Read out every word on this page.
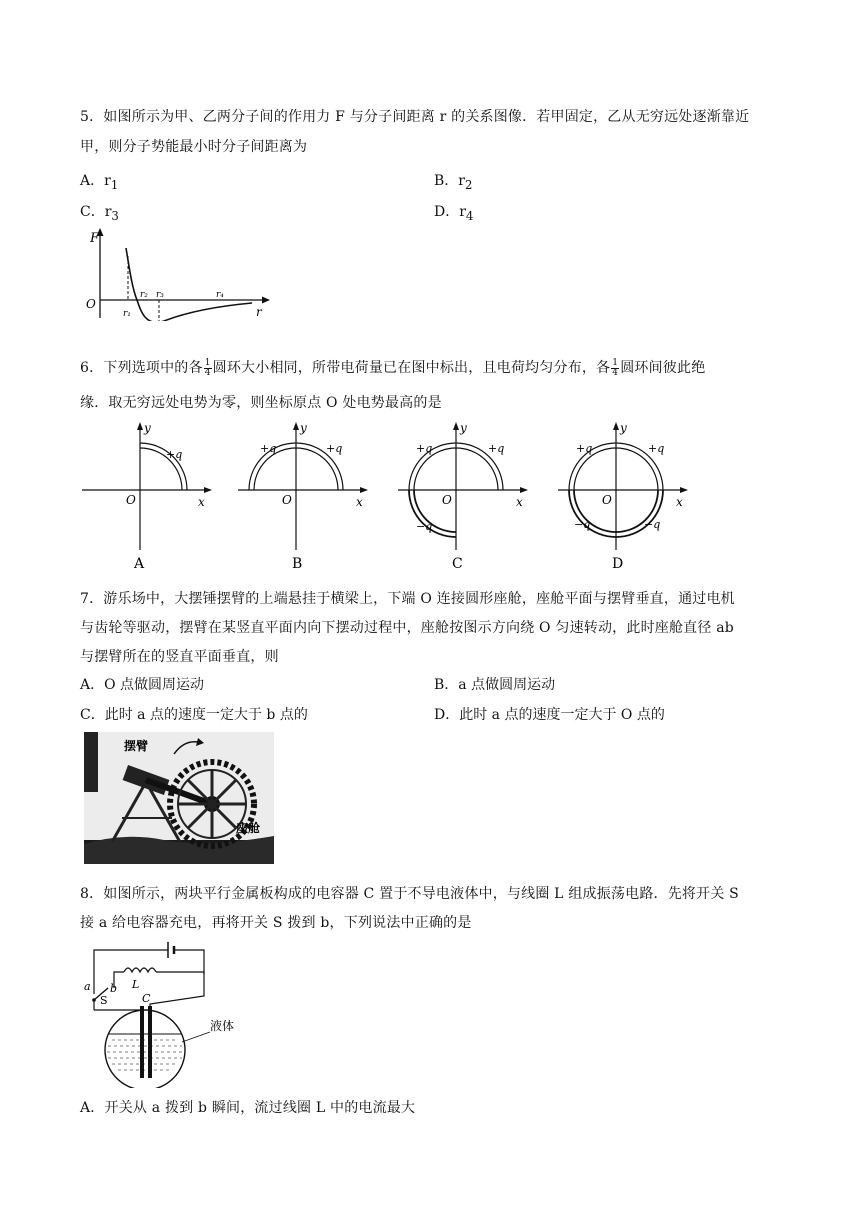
5．如图所示为甲、乙两分子间的作用力 F 与分子间距离 r 的关系图像．若甲固定，乙从无穷远处逐渐靠近
甲，则分子势能最小时分子间距离为
A．$r_1$	B．$r_2$
C．$r_3$	D．$r_4$
F
O
r
r₁
r₂ r₃	r₄
6．下列选项中的各 $\frac{1}{4}$ 圆环大小相同，所带电荷量已在图中标出，且电荷均匀分布，各 $\frac{1}{4}$ 圆环间彼此绝
缘．取无穷远处电势为零，则坐标原点 O 处电势最高的是
y
x
O
+q
A
y
x
O
+q	+q
B
y
x
O
+q	+q
−q
C
y
x
O
+q	+q
−q	−q
D
7．游乐场中，大摆锤摆臂的上端悬挂于横梁上，下端 O 连接圆形座舱，座舱平面与摆臂垂直，通过电机
与齿轮等驱动，摆臂在某竖直平面内向下摆动过程中，座舱按图示方向绕 O 匀速转动，此时座舱直径 ab
与摆臂所在的竖直平面垂直，则
A．O 点做圆周运动	B．a 点做圆周运动
C．此时 a 点的速度一定大于 b 点的	D．此时 a 点的速度一定大于 O 点的
摆臂
座舱
8．如图所示，两块平行金属板构成的电容器 C 置于不导电液体中，与线圈 L 组成振荡电路．先将开关 S
接 a 给电容器充电，再将开关 S 拨到 b，下列说法中正确的是
a b
S
L
C
液体
A．开关从 a 拨到 b 瞬间，流过线圈 L 中的电流最大
